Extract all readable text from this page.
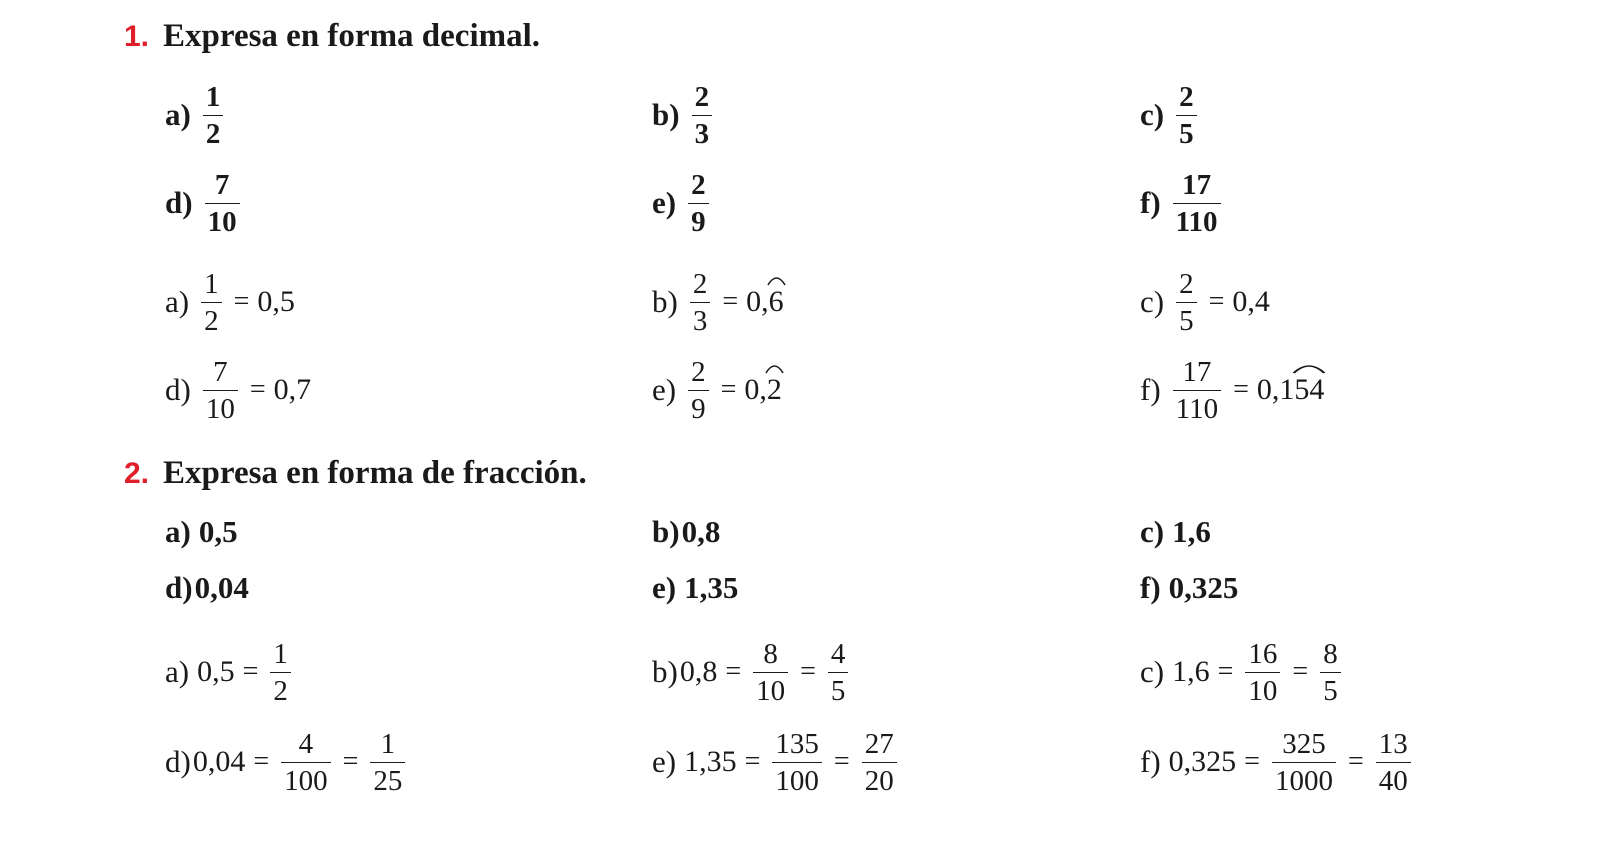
1. Expresa en forma decimal.
$a) \frac{1}{2}$	$b) \frac{2}{3}$	$c) \frac{2}{5}$
$d) \frac{7}{10}$	$e) \frac{2}{9}$	$f) \frac{17}{110}$
$a) \frac{1}{2} = 0,5$	$b) \frac{2}{3} = 0$, 6	$c) \frac{2}{5} = 0,4$
$d) \frac{7}{10} = 0,7$	$e) \frac{2}{9} = 0$, 2	$f) \frac{17}{110} = 0,1$ 54
2. Expresa en forma de fracción.
a) 0,5	b) 0,8	c) 1,6
d) 0,04	e) 1,35	f) 0,325
a) $0,5 = \frac{1}{2}$	b) $0,8 = \frac{8}{10} = \frac{4}{5}$	c) $1,6 = \frac{16}{10} = \frac{8}{5}$
d) $0,04 = \frac{4}{100} = \frac{1}{25}$	e) $1,35 = \frac{135}{100} = \frac{27}{20}$	f) $0,325 = \frac{325}{1000} = \frac{13}{40}$
